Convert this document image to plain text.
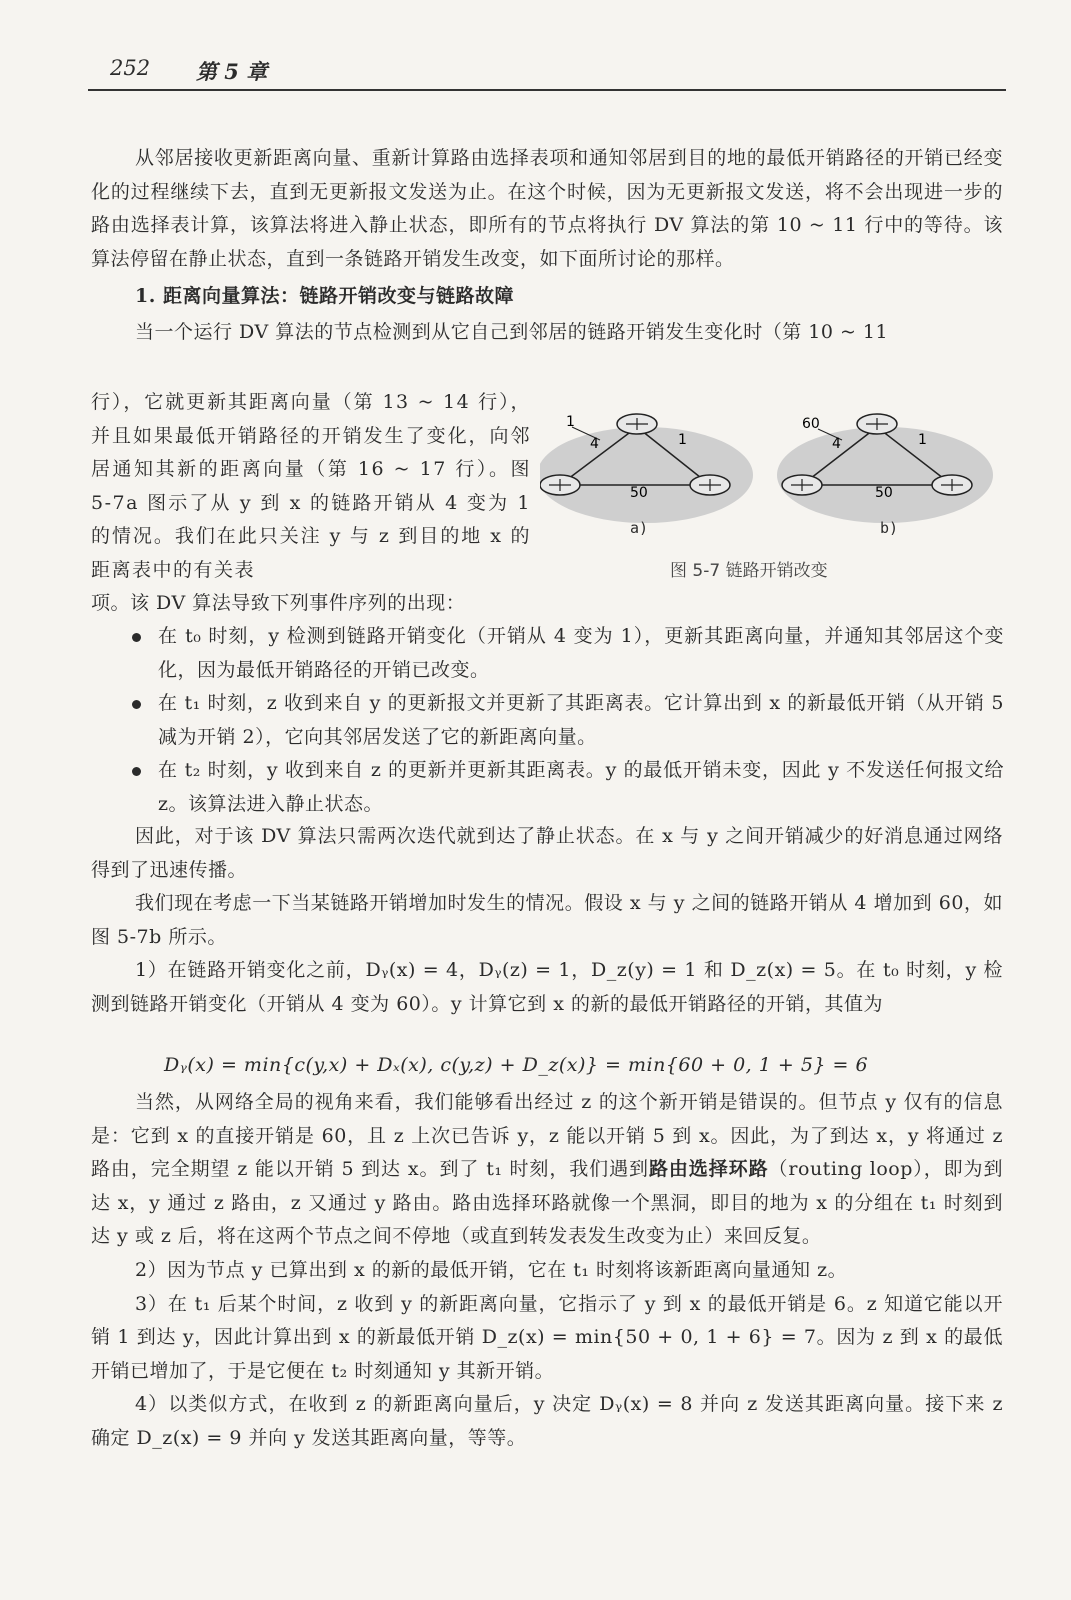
252 第 5 章

从邻居接收更新距离向量、重新计算路由选择表项和通知邻居到目的地的最低开销路径的开销已经变化的过程继续下去，直到无更新报文发送为止。在这个时候，因为无更新报文发送，将不会出现进一步的路由选择表计算，该算法将进入静止状态，即所有的节点将执行 DV 算法的第 10 ~ 11 行中的等待。该算法停留在静止状态，直到一条链路开销发生改变，如下面所讨论的那样。

1. 距离向量算法：链路开销改变与链路故障

当一个运行 DV 算法的节点检测到从它自己到邻居的链路开销发生变化时（第 10 ~ 11

行），它就更新其距离向量（第 13 ~ 14 行），并且如果最低开销路径的开销发生了变化，向邻居通知其新的距离向量（第 16 ~ 17 行）。图 5-7a 图示了从 y 到 x 的链路开销从 4 变为 1 的情况。我们在此只关注 y 与 z 到目的地 x 的距离表中的有关表

项。该 DV 算法导致下列事件序列的出现：

1
4	1
50
60
4	1
50
a)	b)
图 5-7 链路开销改变
在 t₀ 时刻，y 检测到链路开销变化（开销从 4 变为 1），更新其距离向量，并通知其邻居这个变化，因为最低开销路径的开销已改变。
在 t₁ 时刻，z 收到来自 y 的更新报文并更新了其距离表。它计算出到 x 的新最低开销（从开销 5 减为开销 2），它向其邻居发送了它的新距离向量。
在 t₂ 时刻，y 收到来自 z 的更新并更新其距离表。y 的最低开销未变，因此 y 不发送任何报文给 z。该算法进入静止状态。

因此，对于该 DV 算法只需两次迭代就到达了静止状态。在 x 与 y 之间开销减少的好消息通过网络得到了迅速传播。

我们现在考虑一下当某链路开销增加时发生的情况。假设 x 与 y 之间的链路开销从 4 增加到 60，如图 5-7b 所示。

1）在链路开销变化之前，Dᵧ(x) = 4，Dᵧ(z) = 1，D_z(y) = 1 和 D_z(x) = 5。在 t₀ 时刻，y 检测到链路开销变化（开销从 4 变为 60）。y 计算它到 x 的新的最低开销路径的开销，其值为

Dᵧ(x) = min{c(y,x) + Dₓ(x), c(y,z) + D_z(x)} = min{60 + 0, 1 + 5} = 6

当然，从网络全局的视角来看，我们能够看出经过 z 的这个新开销是错误的。但节点 y 仅有的信息是：它到 x 的直接开销是 60，且 z 上次已告诉 y，z 能以开销 5 到 x。因此，为了到达 x，y 将通过 z 路由，完全期望 z 能以开销 5 到达 x。到了 t₁ 时刻，我们遇到路由选择环路（routing loop），即为到达 x，y 通过 z 路由，z 又通过 y 路由。路由选择环路就像一个黑洞，即目的地为 x 的分组在 t₁ 时刻到达 y 或 z 后，将在这两个节点之间不停地（或直到转发表发生改变为止）来回反复。

2）因为节点 y 已算出到 x 的新的最低开销，它在 t₁ 时刻将该新距离向量通知 z。

3）在 t₁ 后某个时间，z 收到 y 的新距离向量，它指示了 y 到 x 的最低开销是 6。z 知道它能以开销 1 到达 y，因此计算出到 x 的新最低开销 D_z(x) = min{50 + 0, 1 + 6} = 7。因为 z 到 x 的最低开销已增加了，于是它便在 t₂ 时刻通知 y 其新开销。

4）以类似方式，在收到 z 的新距离向量后，y 决定 Dᵧ(x) = 8 并向 z 发送其距离向量。接下来 z 确定 D_z(x) = 9 并向 y 发送其距离向量，等等。
